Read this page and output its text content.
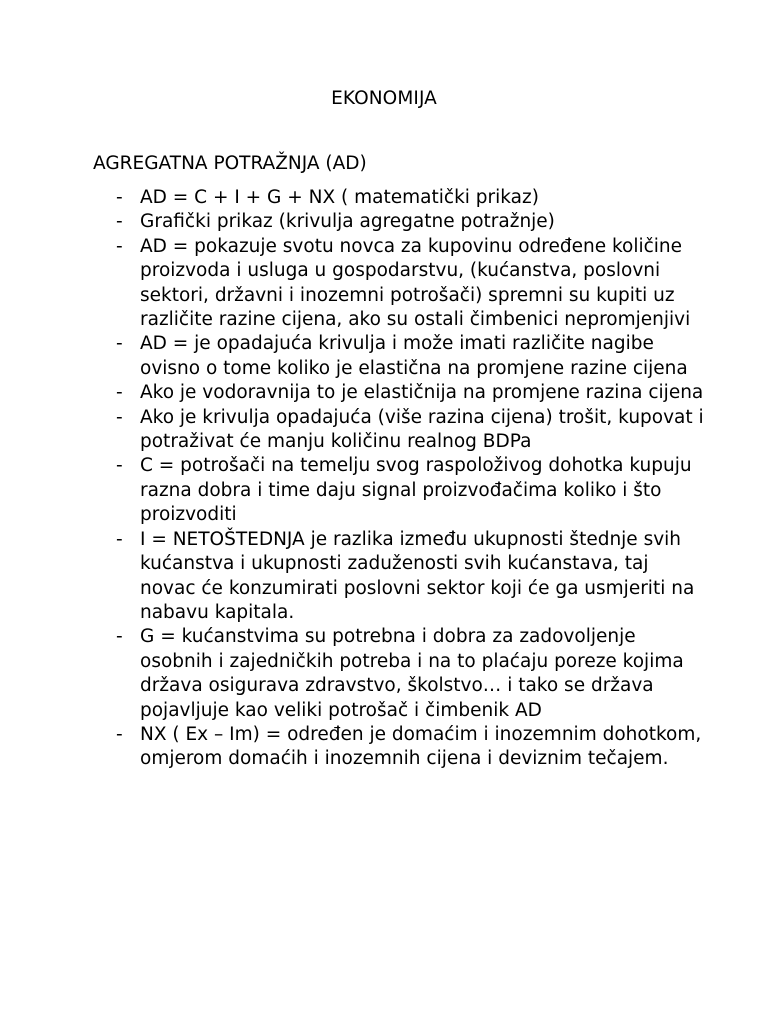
EKONOMIJA
AGREGATNA POTRAŽNJA (AD)
- AD = C + I + G + NX ( matematički prikaz)
- Grafički prikaz (krivulja agregatne potražnje)
- AD = pokazuje svotu novca za kupovinu određene količine proizvoda i usluga u gospodarstvu, (kućanstva, poslovni sektori, državni i inozemni potrošači) spremni su kupiti uz različite razine cijena, ako su ostali čimbenici nepromjenjivi
- AD = je opadajuća krivulja i može imati različite nagibe ovisno o tome koliko je elastična na promjene razine cijena
- Ako je vodoravnija to je elastičnija na promjene razina cijena
- Ako je krivulja opadajuća (više razina cijena) trošit, kupovat i potraživat će manju količinu realnog BDPa
- C = potrošači na temelju svog raspoloživog dohotka kupuju razna dobra i time daju signal proizvođačima koliko i što proizvoditi
- I = NETOŠTEDNJA je razlika između ukupnosti štednje svih kućanstva i ukupnosti zaduženosti svih kućanstava, taj novac će konzumirati poslovni sektor koji će ga usmjeriti na nabavu kapitala.
- G = kućanstvima su potrebna i dobra za zadovoljenje osobnih i zajedničkih potreba i na to plaćaju poreze kojima država osigurava zdravstvo, školstvo… i tako se država pojavljuje kao veliki potrošač i čimbenik AD
- NX ( Ex – Im) = određen je domaćim i inozemnim dohotkom, omjerom domaćih i inozemnih cijena i deviznim tečajem.
